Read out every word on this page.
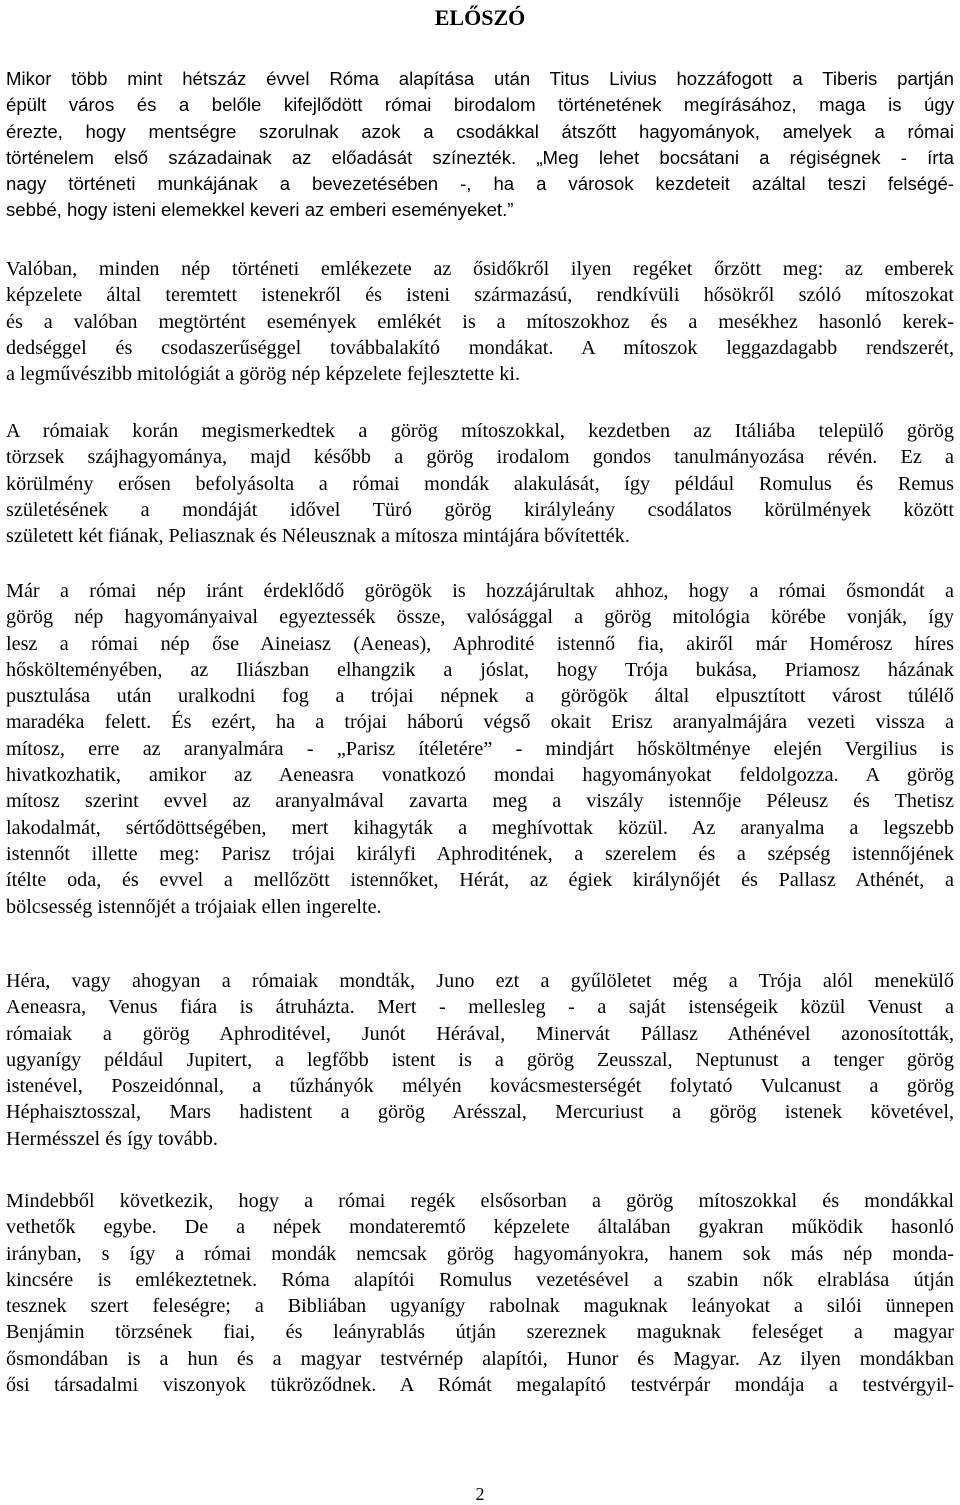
ELŐSZÓ
Mikor több mint hétszáz évvel Róma alapítása után Titus Livius hozzáfogott a Tiberis partján
épült város és a belőle kifejlődött római birodalom történetének megírásához, maga is úgy
érezte, hogy mentségre szorulnak azok a csodákkal átszőtt hagyományok, amelyek a római
történelem első századainak az előadását színezték. „Meg lehet bocsátani a régiségnek - írta
nagy történeti munkájának a bevezetésében -, ha a városok kezdeteit azáltal teszi felségé-
sebbé, hogy isteni elemekkel keveri az emberi eseményeket.”
Valóban, minden nép történeti emlékezete az ősidőkről ilyen regéket őrzött meg: az emberek
képzelete által teremtett istenekről és isteni származású, rendkívüli hősökről szóló mítoszokat
és a valóban megtörtént események emlékét is a mítoszokhoz és a mesékhez hasonló kerek-
dedséggel és csodaszerűséggel továbbalakító mondákat. A mítoszok leggazdagabb rendszerét,
a legművészibb mitológiát a görög nép képzelete fejlesztette ki.
A rómaiak korán megismerkedtek a görög mítoszokkal, kezdetben az Itáliába települő görög
törzsek szájhagyománya, majd később a görög irodalom gondos tanulmányozása révén. Ez a
körülmény erősen befolyásolta a római mondák alakulását, így például Romulus és Remus
születésének a mondáját idővel Türó görög királyleány csodálatos körülmények között
született két fiának, Peliasznak és Néleusznak a mítosza mintájára bővítették.
Már a római nép iránt érdeklődő görögök is hozzájárultak ahhoz, hogy a római ősmondát a
görög nép hagyományaival egyeztessék össze, valósággal a görög mitológia körébe vonják, így
lesz a római nép őse Aineiasz (Aeneas), Aphrodité istennő fia, akiről már Homérosz híres
hőskölteményében, az Iliászban elhangzik a jóslat, hogy Trója bukása, Priamosz házának
pusztulása után uralkodni fog a trójai népnek a görögök által elpusztított várost túlélő
maradéka felett. És ezért, ha a trójai háború végső okait Erisz aranyalmájára vezeti vissza a
mítosz, erre az aranyalmára - „Parisz ítéletére” - mindjárt hősköltménye elején Vergilius is
hivatkozhatik, amikor az Aeneasra vonatkozó mondai hagyományokat feldolgozza. A görög
mítosz szerint evvel az aranyalmával zavarta meg a viszály istennője Péleusz és Thetisz
lakodalmát, sértődöttségében, mert kihagyták a meghívottak közül. Az aranyalma a legszebb
istennőt illette meg: Parisz trójai királyfi Aphroditének, a szerelem és a szépség istennőjének
ítélte oda, és evvel a mellőzött istennőket, Hérát, az égiek királynőjét és Pallasz Athénét, a
bölcsesség istennőjét a trójaiak ellen ingerelte.
Héra, vagy ahogyan a rómaiak mondták, Juno ezt a gyűlöletet még a Trója alól menekülő
Aeneasra, Venus fiára is átruházta. Mert - mellesleg - a saját istenségeik közül Venust a
rómaiak a görög Aphroditével, Junót Hérával, Minervát Pállasz Athénével azonosították,
ugyanígy például Jupitert, a legfőbb istent is a görög Zeusszal, Neptunust a tenger görög
istenével, Poszeidónnal, a tűzhányók mélyén kovácsmesterségét folytató Vulcanust a görög
Héphaisztosszal, Mars hadistent a görög Arésszal, Mercuriust a görög istenek követével,
Hermésszel és így tovább.
Mindebből következik, hogy a római regék elsősorban a görög mítoszokkal és mondákkal
vethetők egybe. De a népek mondateremtő képzelete általában gyakran működik hasonló
irányban, s így a római mondák nemcsak görög hagyományokra, hanem sok más nép monda-
kincsére is emlékeztetnek. Róma alapítói Romulus vezetésével a szabin nők elrablása útján
tesznek szert feleségre; a Bibliában ugyanígy rabolnak maguknak leányokat a silói ünnepen
Benjámin törzsének fiai, és leányrablás útján szereznek maguknak feleséget a magyar
ősmondában is a hun és a magyar testvérnép alapítói, Hunor és Magyar. Az ilyen mondákban
ősi társadalmi viszonyok tükröződnek. A Rómát megalapító testvérpár mondája a testvérgyil-
2
